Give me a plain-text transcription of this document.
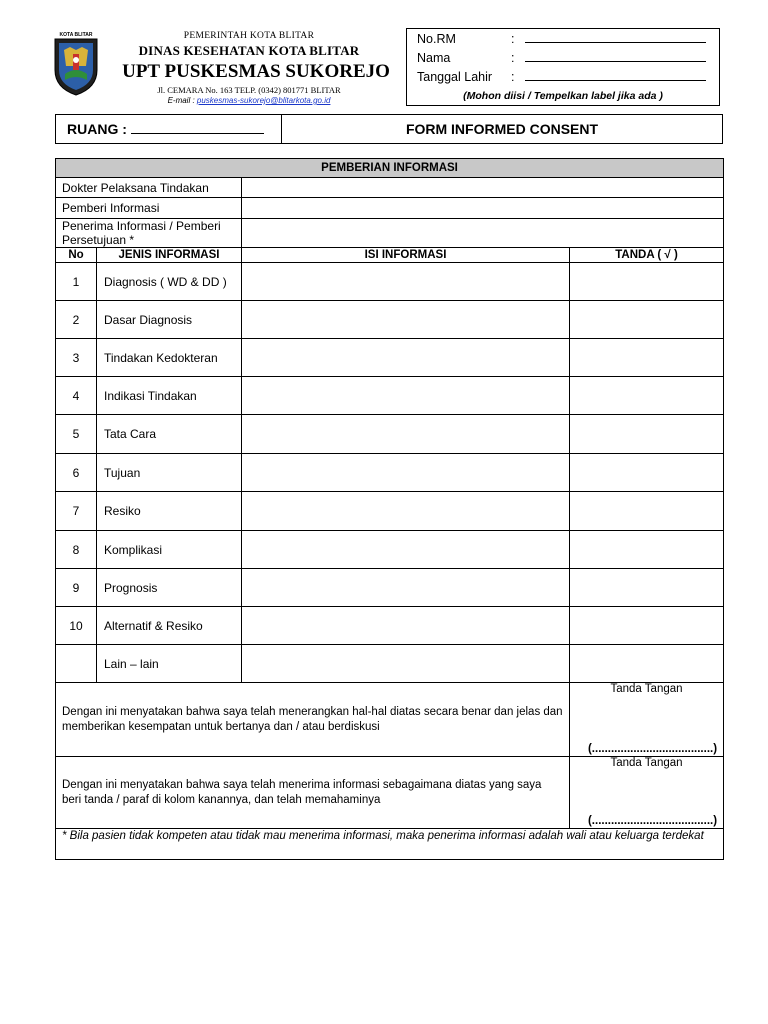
KOTA BLITAR	PEMERINTAH KOTA BLITAR
DINAS KESEHATAN KOTA BLITAR
UPT PUSKESMAS SUKOREJO
Jl. CEMARA No. 163 TELP. (0342) 801771 BLITAR
E-mail : puskesmas-sukorejo@blitarkota.go.id
No.RM	:
Nama	:
Tanggal Lahir :
(Mohon diisi / Tempelkan label jika ada )
RUANG :	FORM INFORMED CONSENT
PEMBERIAN INFORMASI			
Dokter Pelaksana Tindakan			
Pemberi Informasi			
Penerima Informasi / Pemberi Persetujuan *			
No	JENIS INFORMASI	ISI INFORMASI	TANDA ( √ )
1	Diagnosis ( WD & DD )		
2	Dasar Diagnosis		
3	Tindakan Kedokteran		
4	Indikasi Tindakan		
5	Tata Cara		
6	Tujuan		
7	Resiko		
8	Komplikasi		
9	Prognosis		
10	Alternatif & Resiko		
	Lain – lain		
Dengan ini menyatakan bahwa saya telah menerangkan hal-hal diatas secara benar dan jelas dan memberikan kesempatan untuk bertanya dan / atau berdiskusi			Tanda Tangan
(......................................)

Dengan ini menyatakan bahwa saya telah menerima informasi sebagaimana diatas yang saya beri tanda / paraf di kolom kanannya, dan telah memahaminya			Tanda Tangan
(......................................)

* Bila pasien tidak kompeten atau tidak mau menerima informasi, maka penerima informasi adalah wali atau keluarga terdekat			
